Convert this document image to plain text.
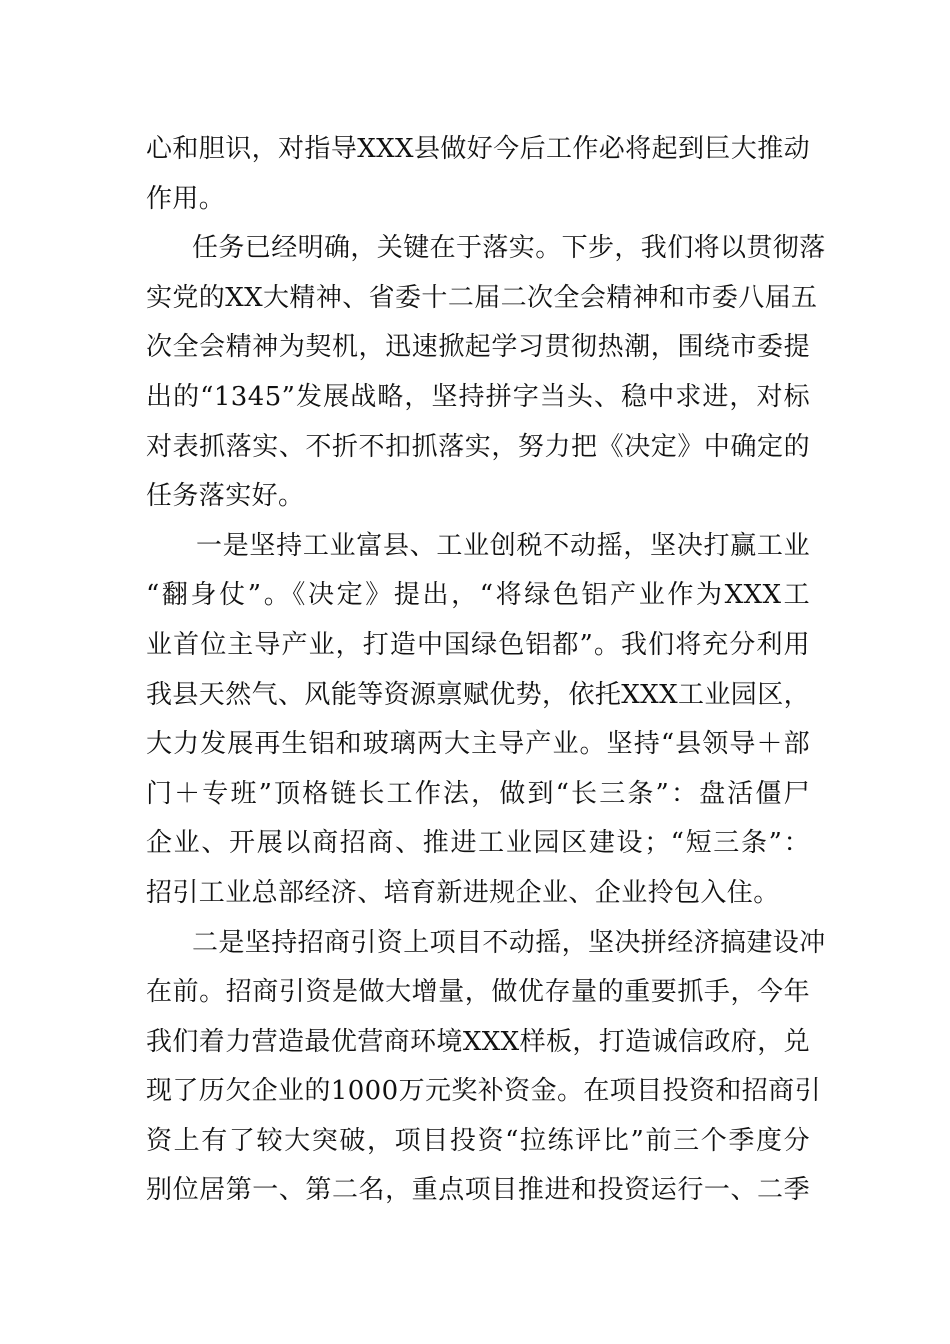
心和胆识，对指导XXX县做好今后工作必将起到巨大推动
作用。
任务已经明确，关键在于落实。下步，我们将以贯彻落
实党的XX大精神、省委十二届二次全会精神和市委八届五
次全会精神为契机，迅速掀起学习贯彻热潮，围绕市委提
出的“1345”发展战略，坚持拼字当头、稳中求进，对标
对表抓落实、不折不扣抓落实，努力把《决定》中确定的
任务落实好。
一是坚持工业富县、工业创税不动摇，坚决打赢工业
“翻身仗”。《决定》提出，“将绿色铝产业作为XXX工
业首位主导产业，打造中国绿色铝都”。我们将充分利用
我县天然气、风能等资源禀赋优势，依托XXX工业园区，
大力发展再生铝和玻璃两大主导产业。坚持“县领导＋部
门＋专班”顶格链长工作法，做到“长三条”：盘活僵尸
企业、开展以商招商、推进工业园区建设；“短三条”：
招引工业总部经济、培育新进规企业、企业拎包入住。
二是坚持招商引资上项目不动摇，坚决拼经济搞建设冲
在前。招商引资是做大增量，做优存量的重要抓手，今年
我们着力营造最优营商环境XXX样板，打造诚信政府，兑
现了历欠企业的1000万元奖补资金。在项目投资和招商引
资上有了较大突破，项目投资“拉练评比”前三个季度分
别位居第一、第二名，重点项目推进和投资运行一、二季
